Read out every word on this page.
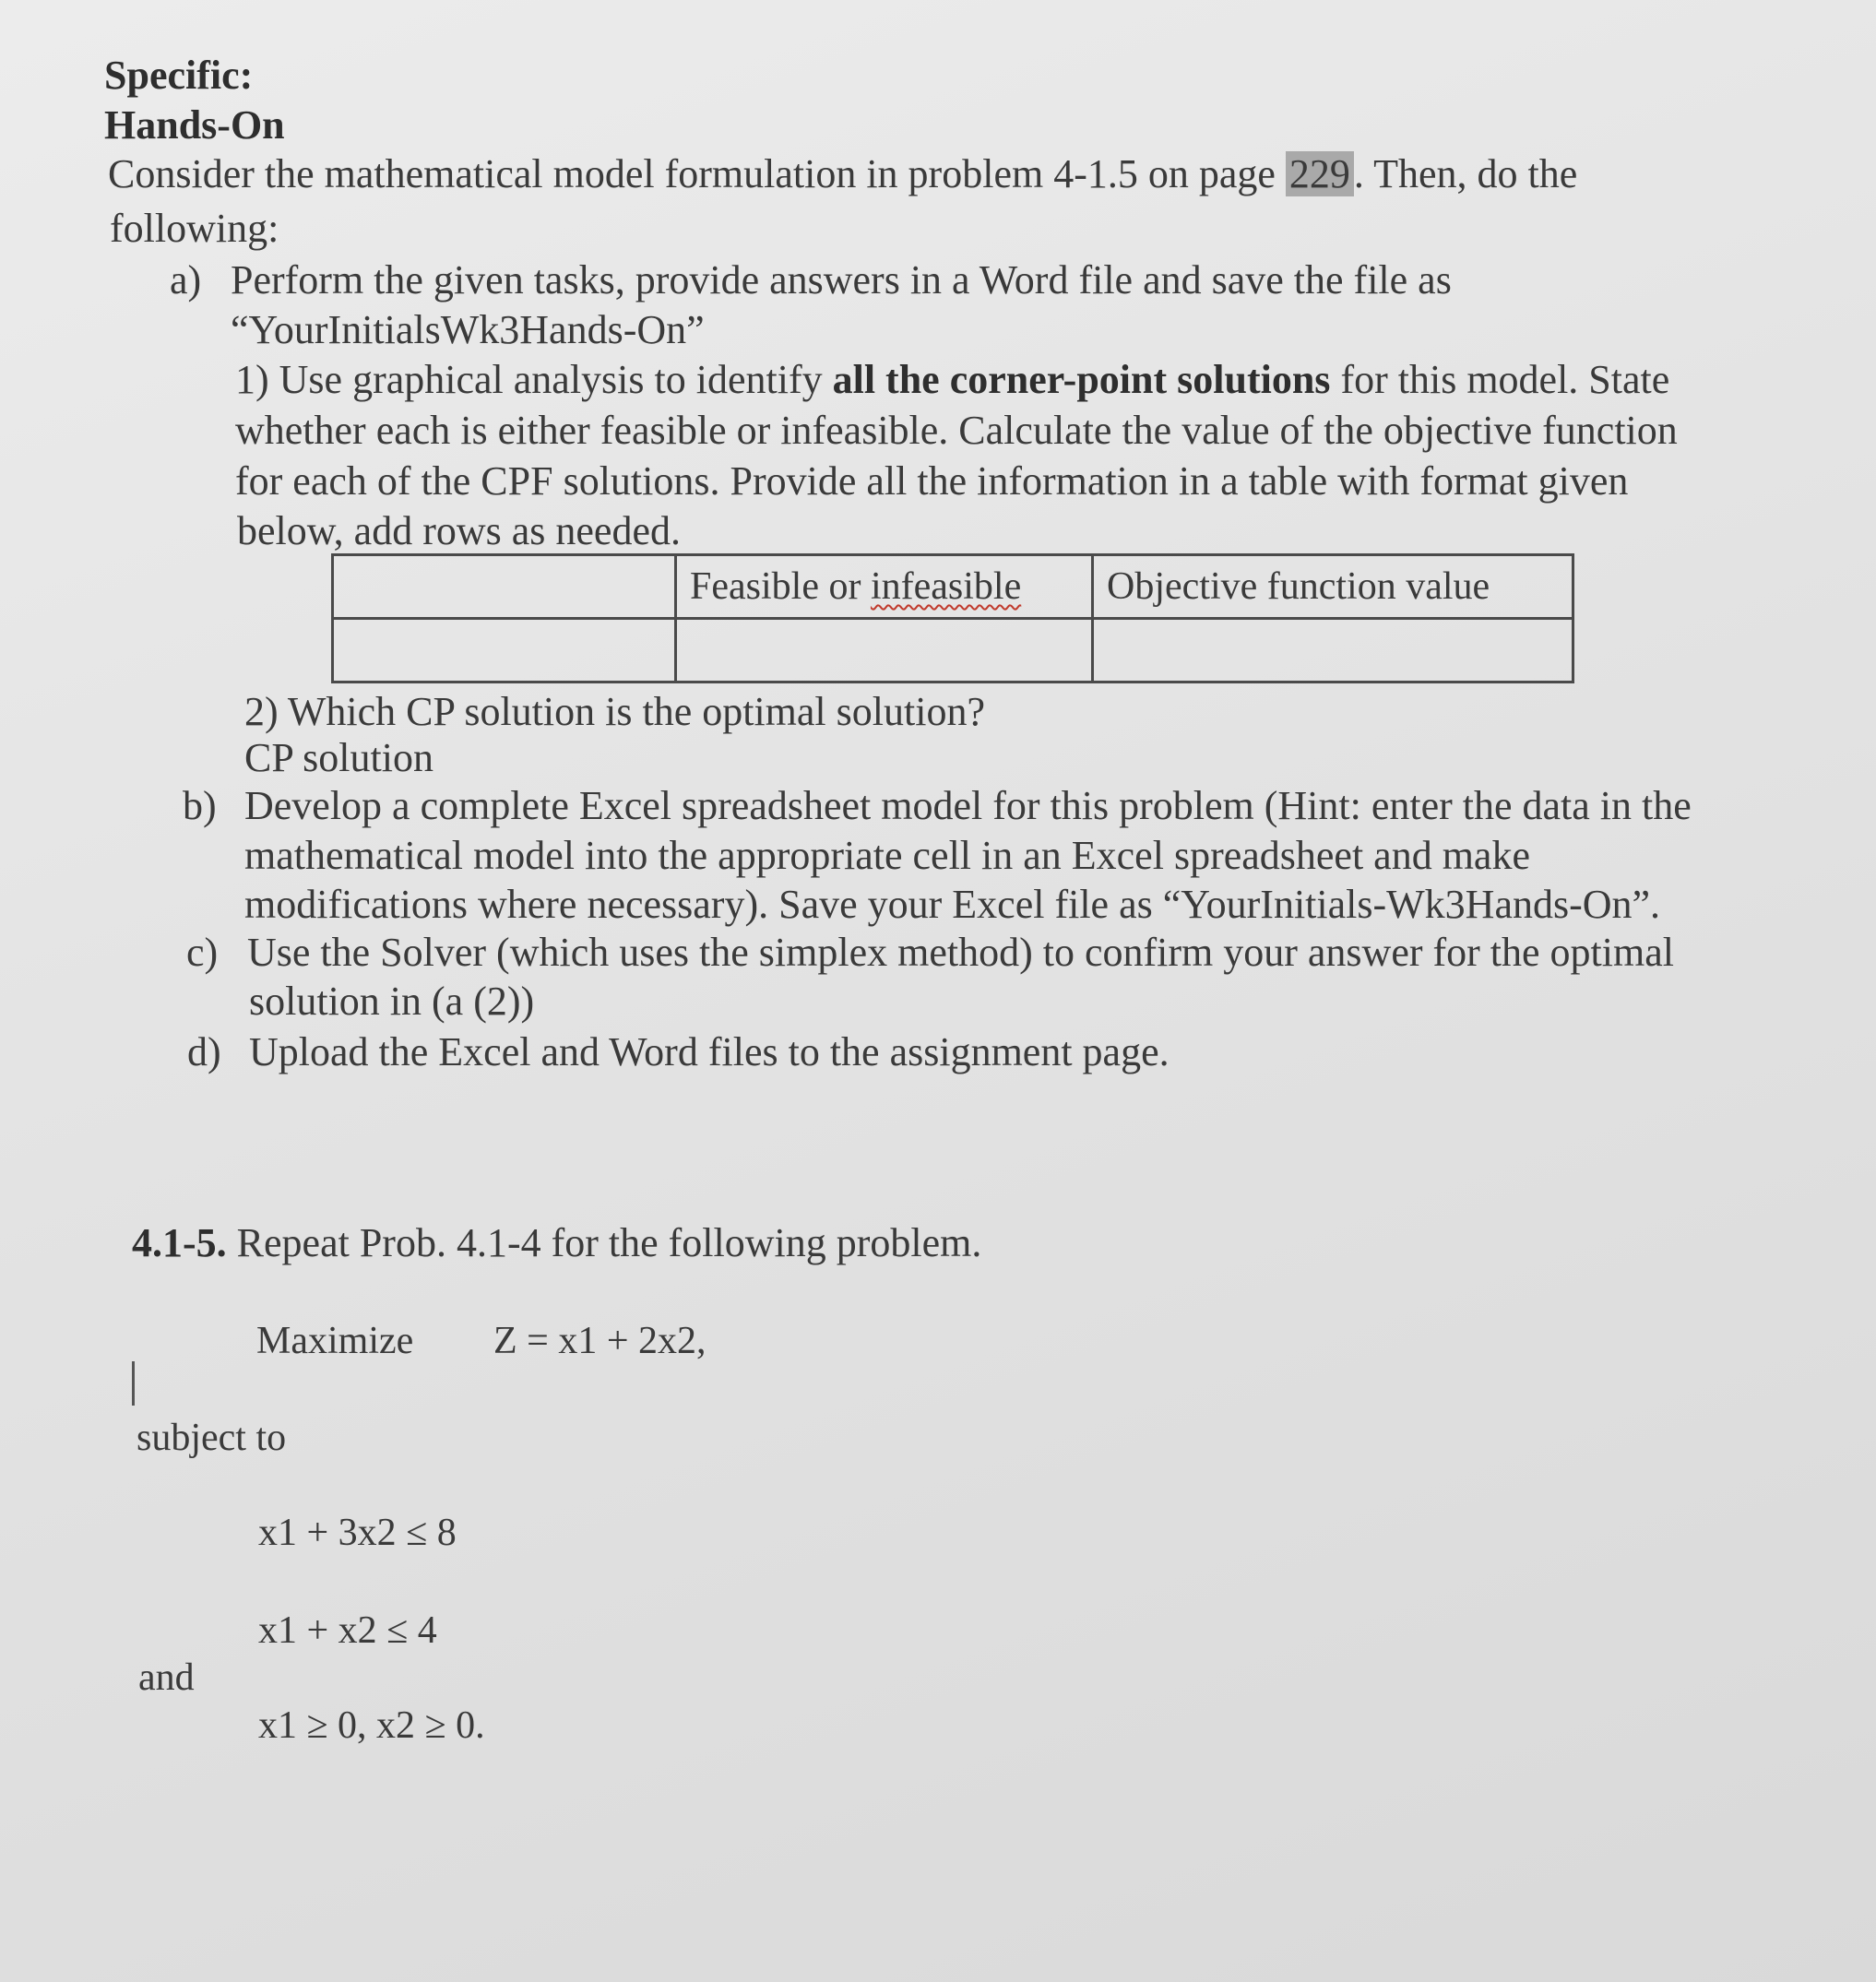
Specific:
Hands-On
Consider the mathematical model formulation in problem 4-1.5 on page 229. Then, do the
following:
a) Perform the given tasks, provide answers in a Word file and save the file as
“YourInitialsWk3Hands-On”
1) Use graphical analysis to identify all the corner-point solutions for this model. State
whether each is either feasible or infeasible. Calculate the value of the objective function
for each of the CPF solutions. Provide all the information in a table with format given
below, add rows as needed.
	Feasible or infeasible	Objective function value

2) Which CP solution is the optimal solution?
CP solution
b) Develop a complete Excel spreadsheet model for this problem (Hint: enter the data in the
mathematical model into the appropriate cell in an Excel spreadsheet and make
modifications where necessary). Save your Excel file as “YourInitials-Wk3Hands-On”.
c) Use the Solver (which uses the simplex method) to confirm your answer for the optimal
solution in (a (2))
d) Upload the Excel and Word files to the assignment page.
4.1-5. Repeat Prob. 4.1-4 for the following problem.
Maximize Z = x1 + 2x2,
subject to
x1 + 3x2 ≤ 8
x1 + x2 ≤ 4
and
x1 ≥ 0, x2 ≥ 0.
